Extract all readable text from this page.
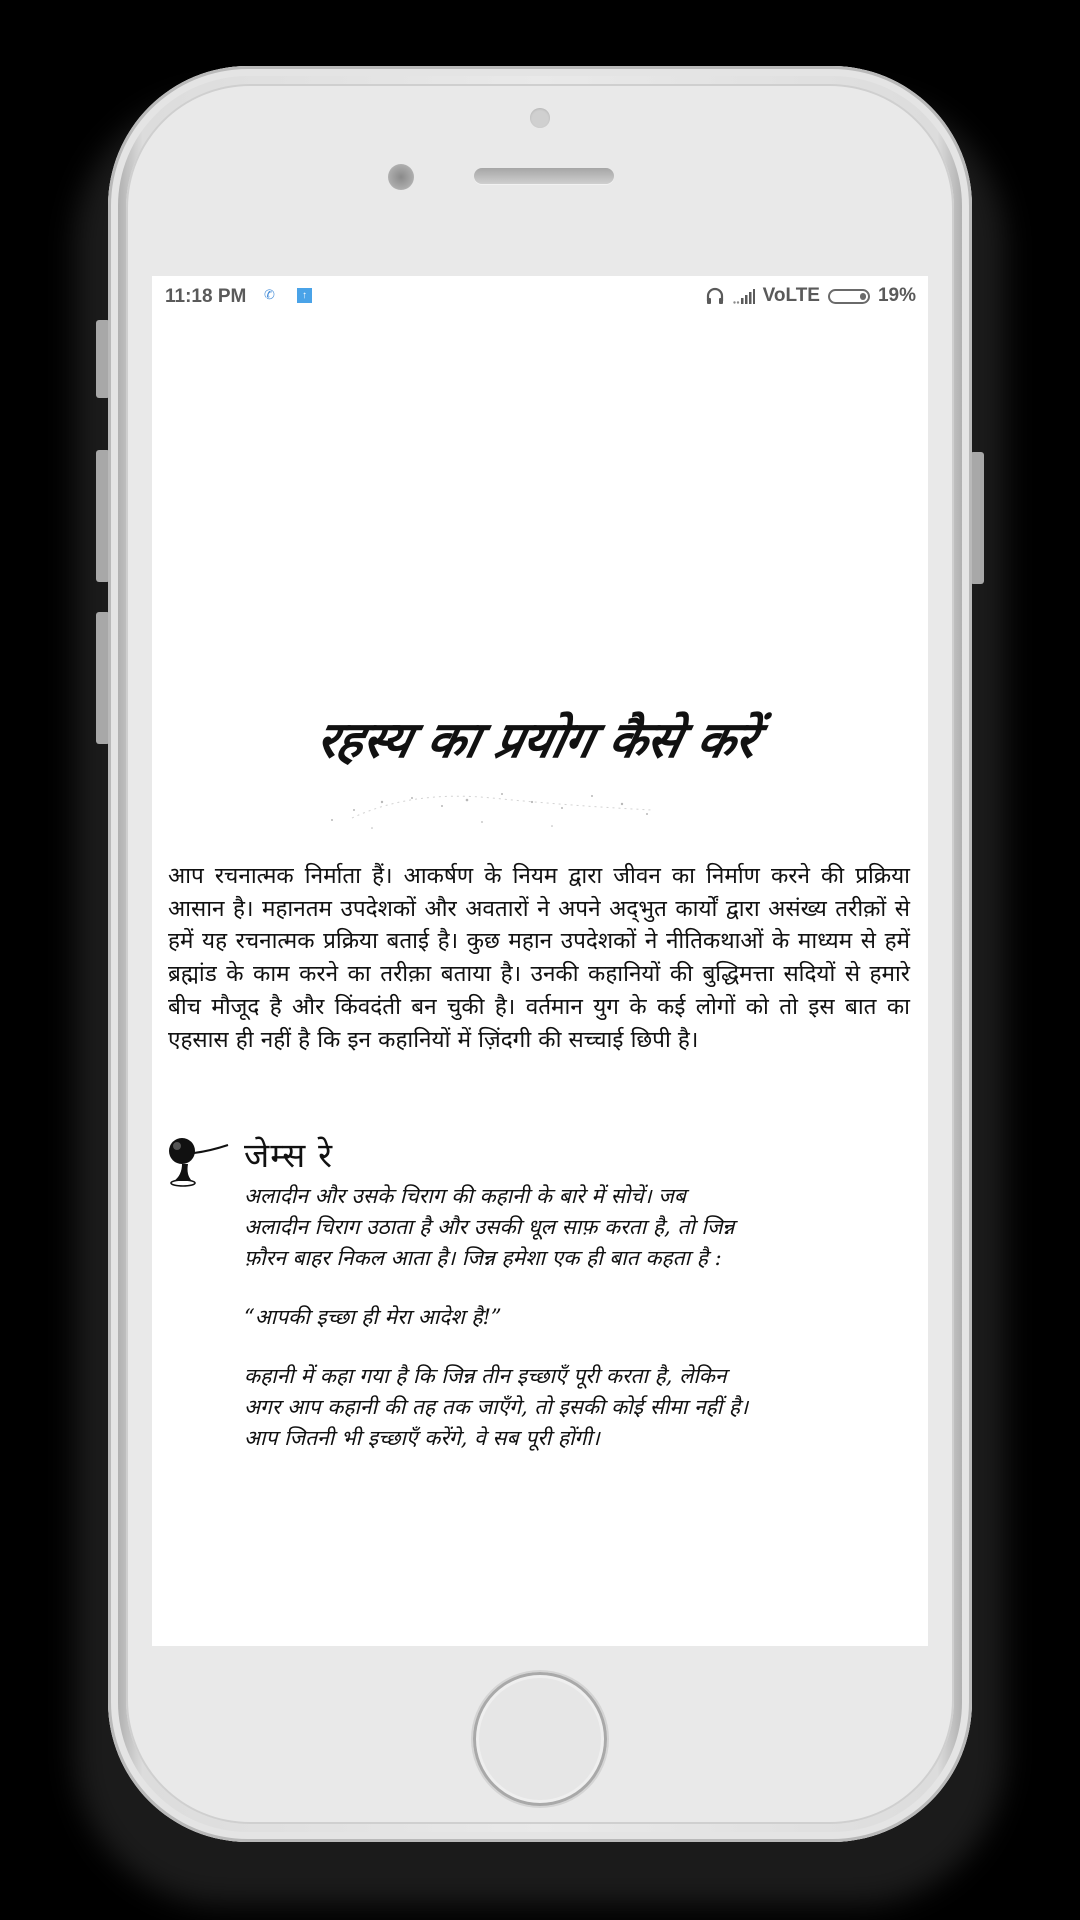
11:18 PM ✆	↑	VoLTE	19%
रहस्य का प्रयोग कैसे करें
आप रचनात्मक निर्माता हैं। आकर्षण के नियम द्वारा जीवन का निर्माण करने की प्रक्रिया आसान है। महानतम उपदेशकों और अवतारों ने अपने अद्‌भुत कार्यों द्वारा असंख्य तरीक़ों से हमें यह रचनात्मक प्रक्रिया बताई है। कुछ महान उपदेशकों ने नीतिकथाओं के माध्यम से हमें ब्रह्मांड के काम करने का तरीक़ा बताया है। उनकी कहानियों की बुद्धिमत्ता सदियों से हमारे बीच मौजूद है और किंवदंती बन चुकी है। वर्तमान युग के कई लोगों को तो इस बात का एहसास ही नहीं है कि इन कहानियों में ज़िंदगी की सच्चाई छिपी है।
जेम्स रे

अलादीन और उसके चिराग की कहानी के बारे में सोचें। जब
अलादीन चिराग उठाता है और उसकी धूल साफ़ करता है, तो जिन्न
फ़ौरन बाहर निकल आता है। जिन्न हमेशा एक ही बात कहता है :

“आपकी इच्छा ही मेरा आदेश है!”

कहानी में कहा गया है कि जिन्न तीन इच्छाएँ पूरी करता है, लेकिन
अगर आप कहानी की तह तक जाएँगे, तो इसकी कोई सीमा नहीं है।
आप जितनी भी इच्छाएँ करेंगे, वे सब पूरी होंगी।
